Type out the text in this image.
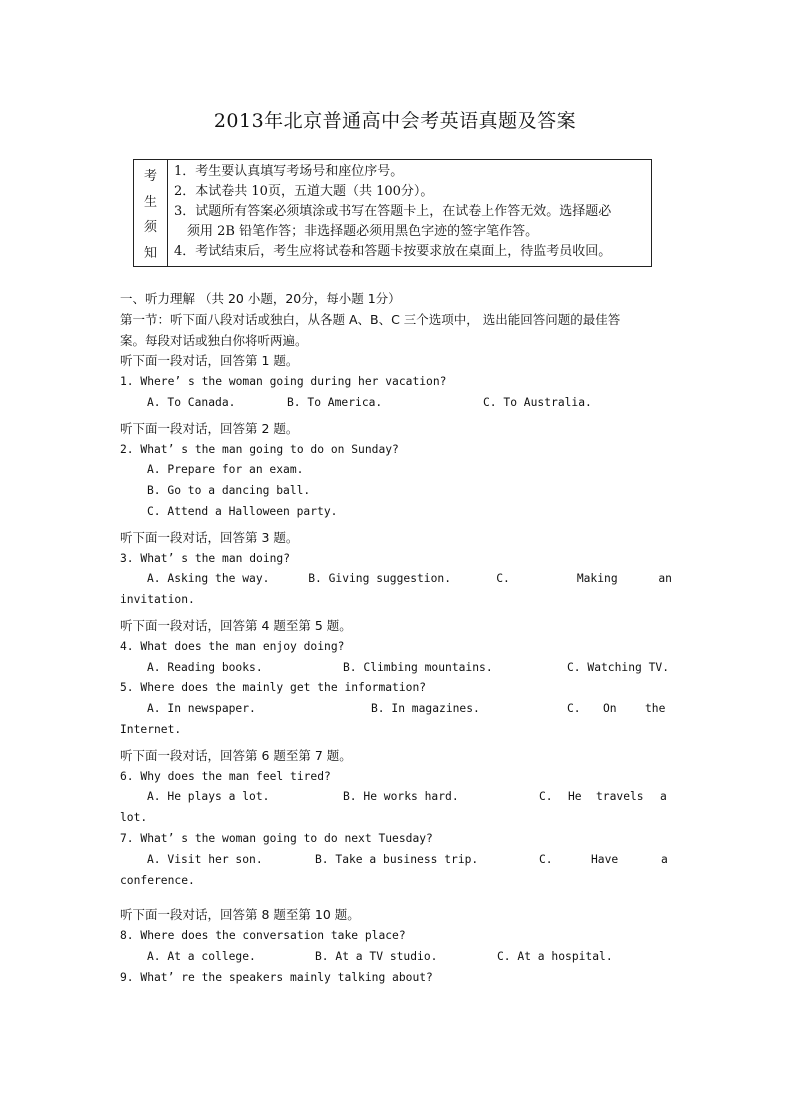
2013年北京普通高中会考英语真题及答案
考
生
须
知
1．考生要认真填写考场号和座位序号。
2．本试卷共 10页，五道大题（共 100分）。
3．试题所有答案必须填涂或书写在答题卡上，在试卷上作答无效。选择题必
须用 2B 铅笔作答；非选择题必须用黑色字迹的签字笔作答。
4．考试结束后，考生应将试卷和答题卡按要求放在桌面上，待监考员收回。
一、听力理解 （共 20 小题，20分，每小题 1分）
第一节：听下面八段对话或独白，从各题 A、B、C 三个选项中， 选出能回答问题的最佳答
案。每段对话或独白你将听两遍。
听下面一段对话，回答第 1 题。
1. Where’ s the woman going during her vacation?
A. To Canada.	B. To America.	C. To Australia.
听下面一段对话，回答第 2 题。
2. What’ s the man going to do on Sunday?
A. Prepare for an exam.
B. Go to a dancing ball.
C. Attend a Halloween party.
听下面一段对话，回答第 3 题。
3. What’ s the man doing?
A. Asking the way.	B. Giving suggestion.	C.	Making	an
invitation.
听下面一段对话，回答第 4 题至第 5 题。
4. What does the man enjoy doing?
A. Reading books.	B. Climbing mountains.	C. Watching TV.
5. Where does the mainly get the information?
A. In newspaper.	B. In magazines.	C.	On	the
Internet.
听下面一段对话，回答第 6 题至第 7 题。
6. Why does the man feel tired?
A. He plays a lot.	B. He works hard.	C.	He	travels	a
lot.
7. What’ s the woman going to do next Tuesday?
A. Visit her son.	B. Take a business trip.	C.	Have	a
conference.
听下面一段对话，回答第 8 题至第 10 题。
8. Where does the conversation take place?
A. At a college.	B. At a TV studio.	C. At a hospital.
9. What’ re the speakers mainly talking about?
